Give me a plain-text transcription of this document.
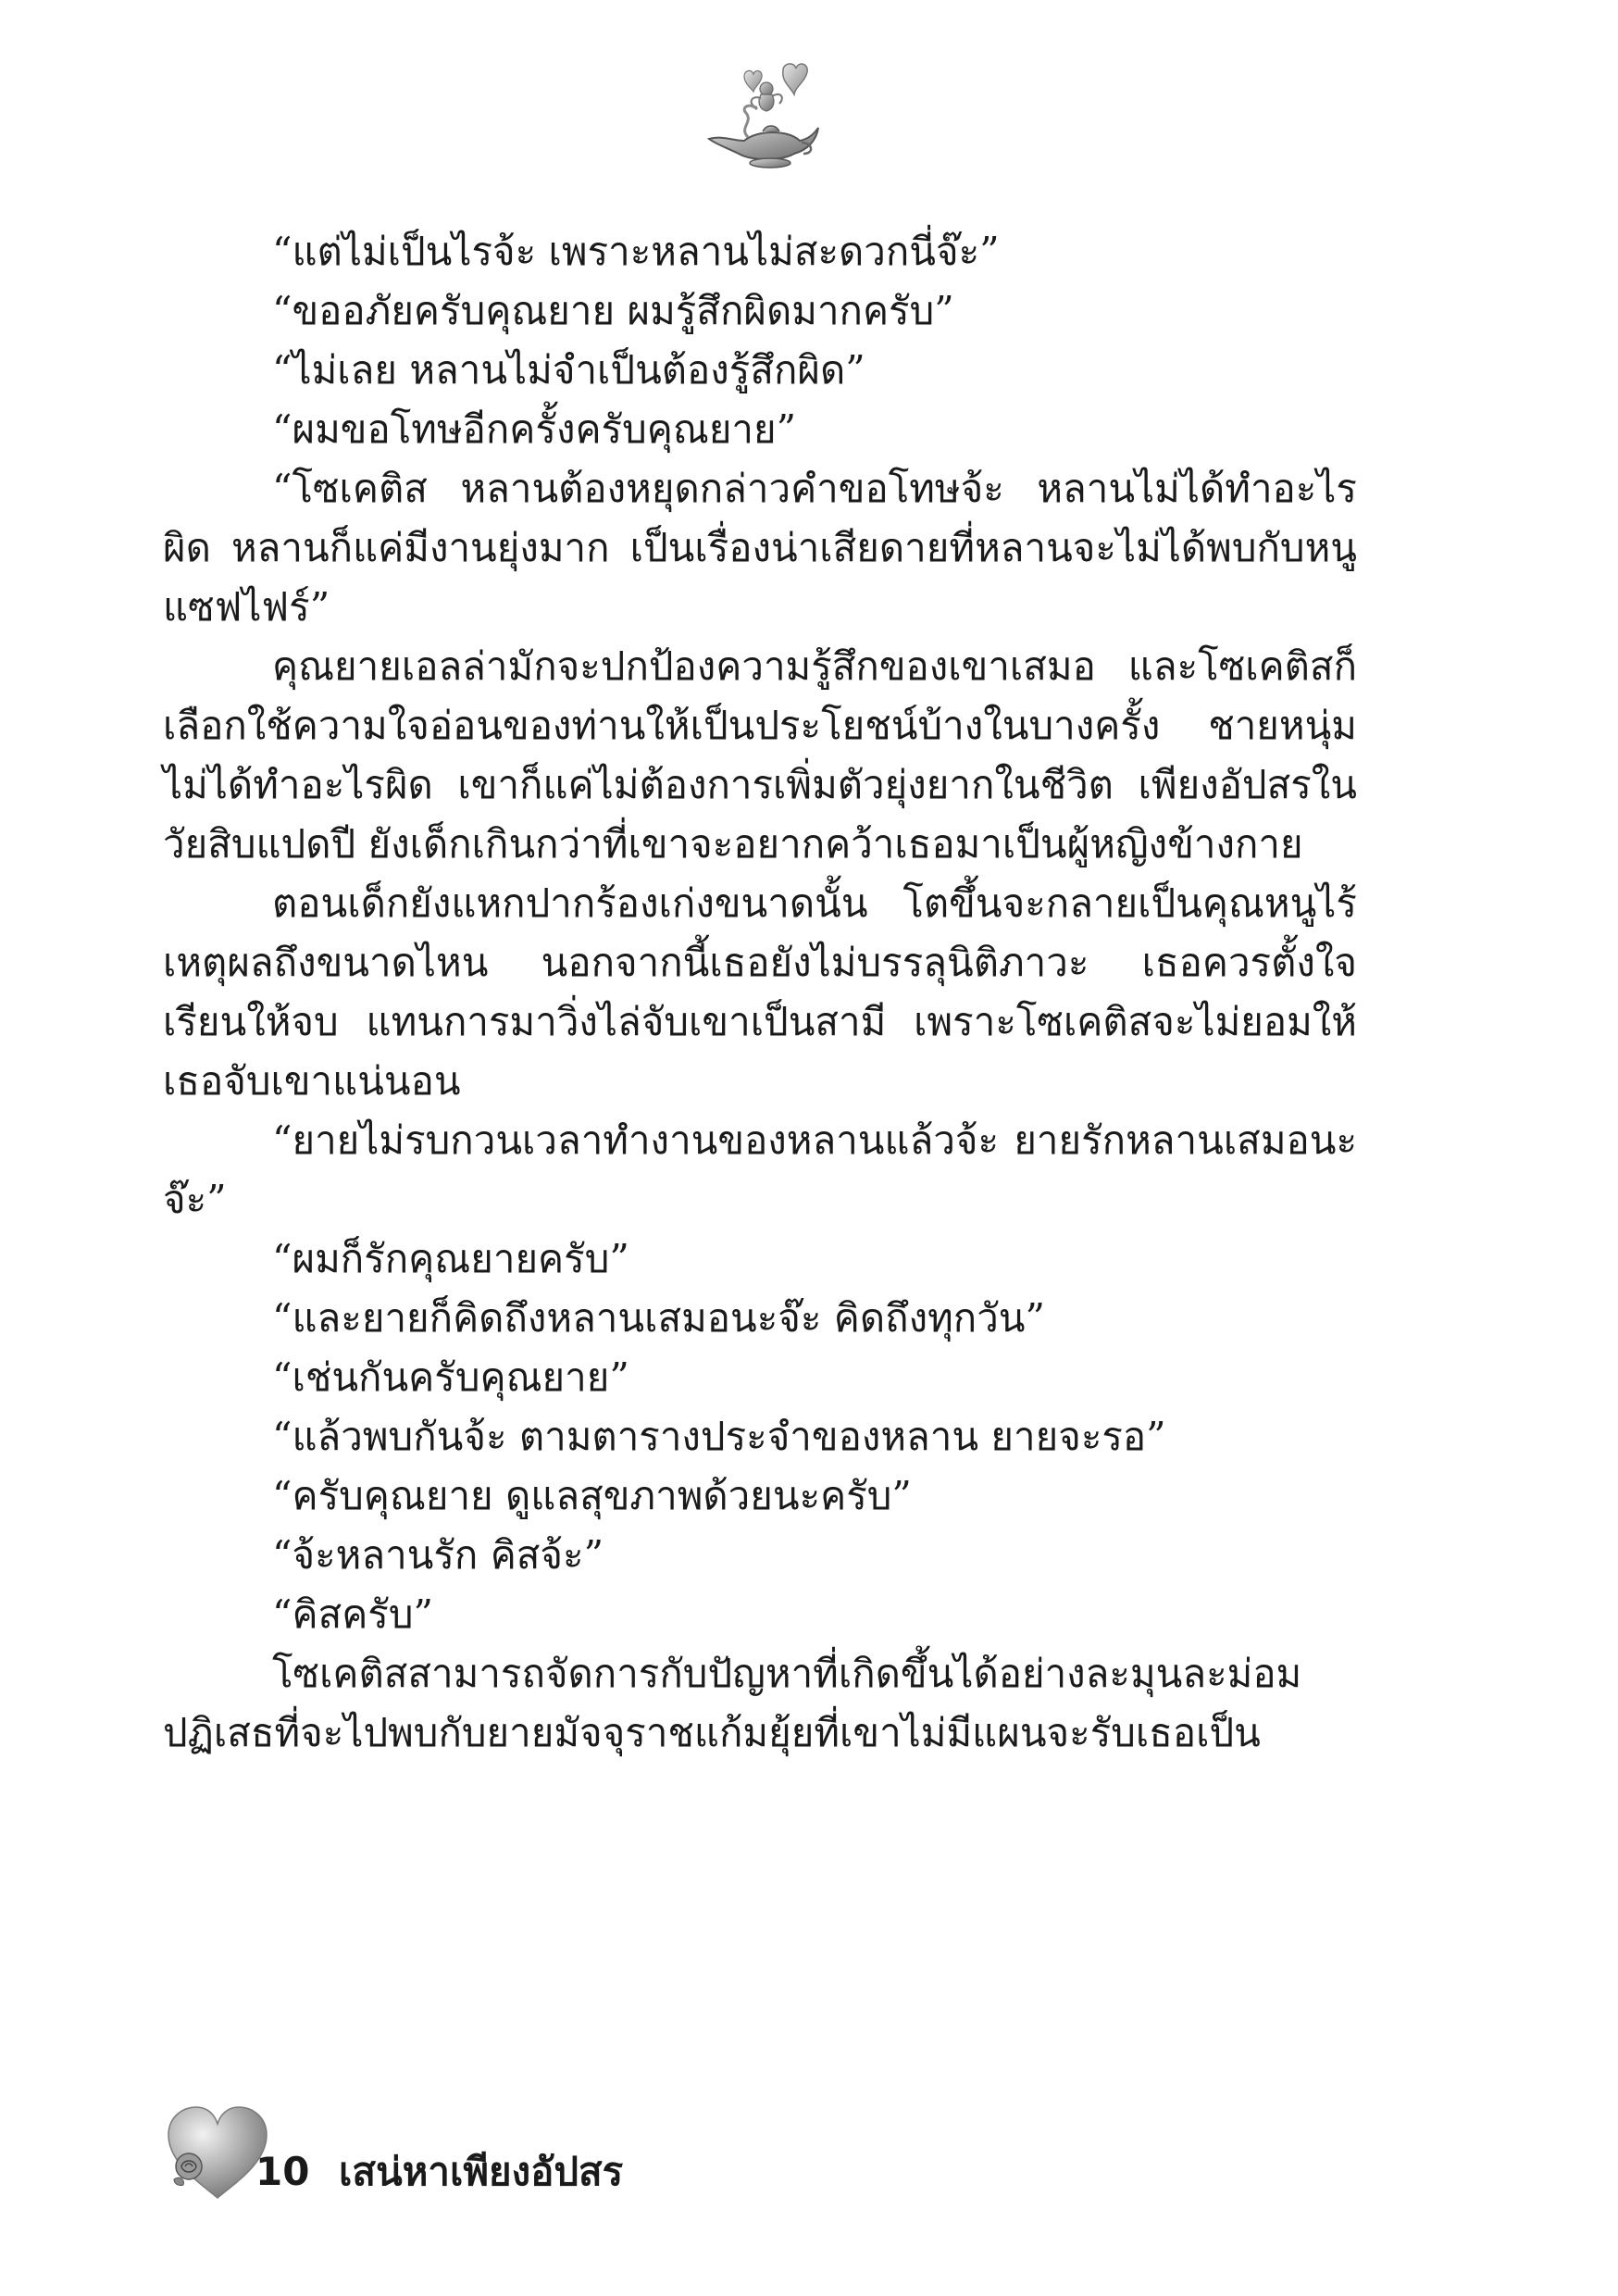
“แต่ไม่เป็นไรจ้ะ เพราะหลานไม่สะดวกนี่จ๊ะ”

“ขออภัยครับคุณยาย ผมรู้สึกผิดมากครับ”

“ไม่เลย หลานไม่จำเป็นต้องรู้สึกผิด”

“ผมขอโทษอีกครั้งครับคุณยาย”

“โซเคติส หลานต้องหยุดกล่าวคำขอโทษจ้ะ หลานไม่ได้ทำอะไรผิด หลานก็แค่มีงานยุ่งมาก เป็นเรื่องน่าเสียดายที่หลานจะไม่ได้พบกับหนูแซฟไฟร์”

คุณยายเอลล่ามักจะปกป้องความรู้สึกของเขาเสมอ และโซเคติสก็เลือกใช้ความใจอ่อนของท่านให้เป็นประโยชน์บ้างในบางครั้ง ชายหนุ่มไม่ได้ทำอะไรผิด เขาก็แค่ไม่ต้องการเพิ่มตัวยุ่งยากในชีวิต เพียงอัปสรในวัยสิบแปดปี ยังเด็กเกินกว่าที่เขาจะอยากคว้าเธอมาเป็นผู้หญิงข้างกาย

ตอนเด็กยังแหกปากร้องเก่งขนาดนั้น โตขึ้นจะกลายเป็นคุณหนูไร้เหตุผลถึงขนาดไหน นอกจากนี้เธอยังไม่บรรลุนิติภาวะ เธอควรตั้งใจเรียนให้จบ แทนการมาวิ่งไล่จับเขาเป็นสามี เพราะโซเคติสจะไม่ยอมให้เธอจับเขาแน่นอน

“ยายไม่รบกวนเวลาทำงานของหลานแล้วจ้ะ ยายรักหลานเสมอนะจ๊ะ”

“ผมก็รักคุณยายครับ”

“และยายก็คิดถึงหลานเสมอนะจ๊ะ คิดถึงทุกวัน”

“เช่นกันครับคุณยาย”

“แล้วพบกันจ้ะ ตามตารางประจำของหลาน ยายจะรอ”

“ครับคุณยาย ดูแลสุขภาพด้วยนะครับ”

“จ้ะหลานรัก คิสจ้ะ”

“คิสครับ”

โซเคติสสามารถจัดการกับปัญหาที่เกิดขึ้นได้อย่างละมุนละม่อม ปฏิเสธที่จะไปพบกับยายมัจจุราชแก้มยุ้ยที่เขาไม่มีแผนจะรับเธอเป็น

10 เสน่หาเพียงอัปสร
